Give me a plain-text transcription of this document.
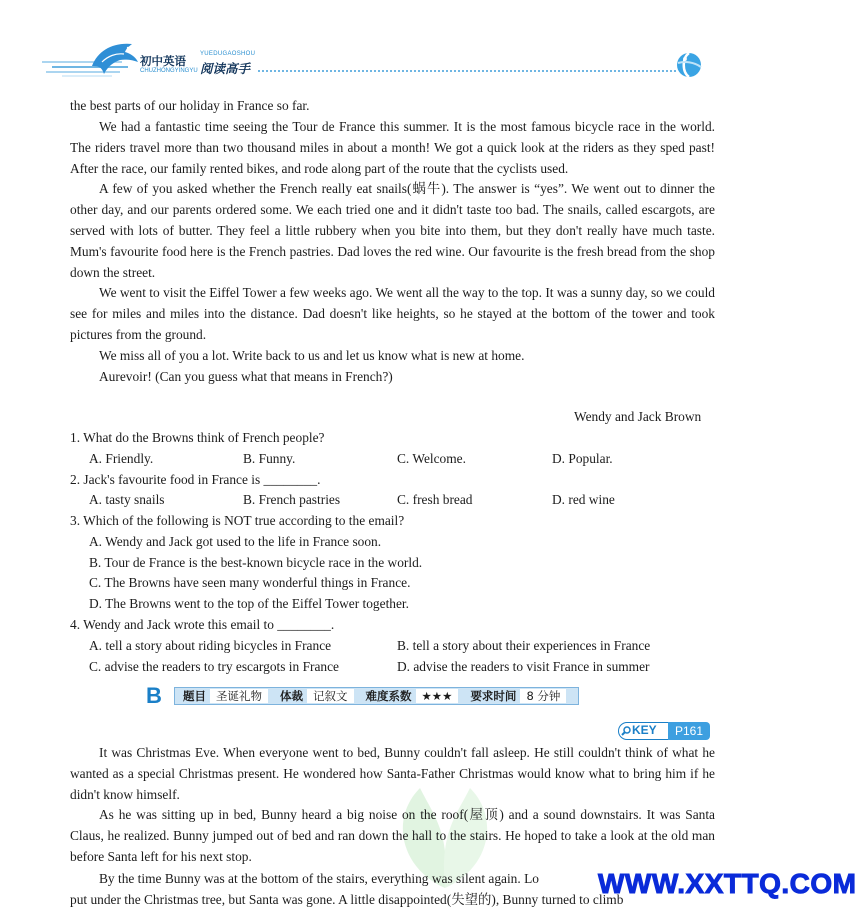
YUEDUGAOSHOU
初中英语 阅读高手
CHUZHONGYINGYU
the best parts of our holiday in France so far.

We had a fantastic time seeing the Tour de France this summer. It is the most famous bicycle race in the world. The riders travel more than two thousand miles in about a month! We got a quick look at the riders as they sped past! After the race, our family rented bikes, and rode along part of the route that the cyclists used.

A few of you asked whether the French really eat snails(蜗牛). The answer is “yes”. We went out to dinner the other day, and our parents ordered some. We each tried one and it didn't taste too bad. The snails, called escargots, are served with lots of butter. They feel a little rubbery when you bite into them, but they don't really have much taste. Mum's favourite food here is the French pastries. Dad loves the red wine. Our favourite is the fresh bread from the shop down the street.

We went to visit the Eiffel Tower a few weeks ago. We went all the way to the top. It was a sunny day, so we could see for miles and miles into the distance. Dad doesn't like heights, so he stayed at the bottom of the tower and took pictures from the ground.

We miss all of you a lot. Write back to us and let us know what is new at home.

Aurevoir! (Can you guess what that means in French?)

Wendy and Jack Brown
1. What do the Browns think of French people?
A. Friendly.	B. Funny.	C. Welcome.	D. Popular.
2. Jack's favourite food in France is ________.
A. tasty snails	B. French pastries	C. fresh bread	D. red wine
3. Which of the following is NOT true according to the email?
A. Wendy and Jack got used to the life in France soon.
B. Tour de France is the best-known bicycle race in the world.
C. The Browns have seen many wonderful things in France.
D. The Browns went to the top of the Eiffel Tower together.
4. Wendy and Jack wrote this email to ________.
A. tell a story about riding bicycles in France	B. tell a story about their experiences in France
C. advise the readers to try escargots in France	D. advise the readers to visit France in summer
B	题目 圣诞礼物	体裁 记叙文	难度系数 ★★★	要求时间 8 分钟
KEY	P161

It was Christmas Eve. When everyone went to bed, Bunny couldn't fall asleep. He still couldn't think of what he wanted as a special Christmas present. He wondered how Santa-Father Christmas would know what to bring him if he didn't know himself.

As he was sitting up in bed, Bunny heard a big noise on the roof(屋顶) and a sound downstairs. It was Santa Claus, he realized. Bunny jumped out of bed and ran down the hall to the stairs. He hoped to take a look at the old man before Santa left for his next stop.

By the time Bunny was at the bottom of the stairs, everything was silent again. Lo
put under the Christmas tree, but Santa was gone. A little disappointed(失望的), Bunny turned to climb
WWW.XXTTQ.COM
